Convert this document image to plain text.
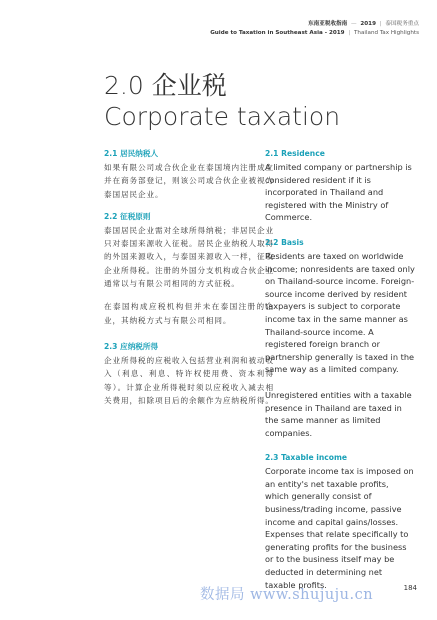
东南亚税收指南 — 2019 | 泰国税务重点
Guide to Taxation in Southeast Asia - 2019 | Thailand Tax Highlights
2.0 企业税
Corporate taxation
2.1 居民纳税人

如果有限公司或合伙企业在泰国境内注册成立并在商务部登记，则该公司或合伙企业被视为泰国居民企业。

2.2 征税原则

泰国居民企业需对全球所得纳税；非居民企业只对泰国来源收入征税。居民企业纳税人取得的外国来源收入，与泰国来源收入一样，征收企业所得税。注册的外国分支机构或合伙企业通常以与有限公司相同的方式征税。

在泰国构成应税机构但并未在泰国注册的企业，其纳税方式与有限公司相同。

2.3 应纳税所得

企业所得税的应税收入包括营业利润和被动收入（利息、利息、特许权使用费、资本利得等）。计算企业所得税时须以应税收入减去相关费用，扣除项目后的余额作为应纳税所得。

2.1 Residence

A limited company or partnership is considered resident if it is incorporated in Thailand and registered with the Ministry of Commerce.

2.2 Basis

Residents are taxed on worldwide income; nonresidents are taxed only on Thailand-source income. Foreign-source income derived by resident taxpayers is subject to corporate income tax in the same manner as Thailand-source income. A registered foreign branch or partnership generally is taxed in the same way as a limited company.

Unregistered entities with a taxable presence in Thailand are taxed in the same manner as limited companies.

2.3 Taxable income

Corporate income tax is imposed on an entity's net taxable profits, which generally consist of business/trading income, passive income and capital gains/losses. Expenses that relate specifically to generating profits for the business or to the business itself may be deducted in determining net taxable profits.

数据局 www.shujuju.cn	184
